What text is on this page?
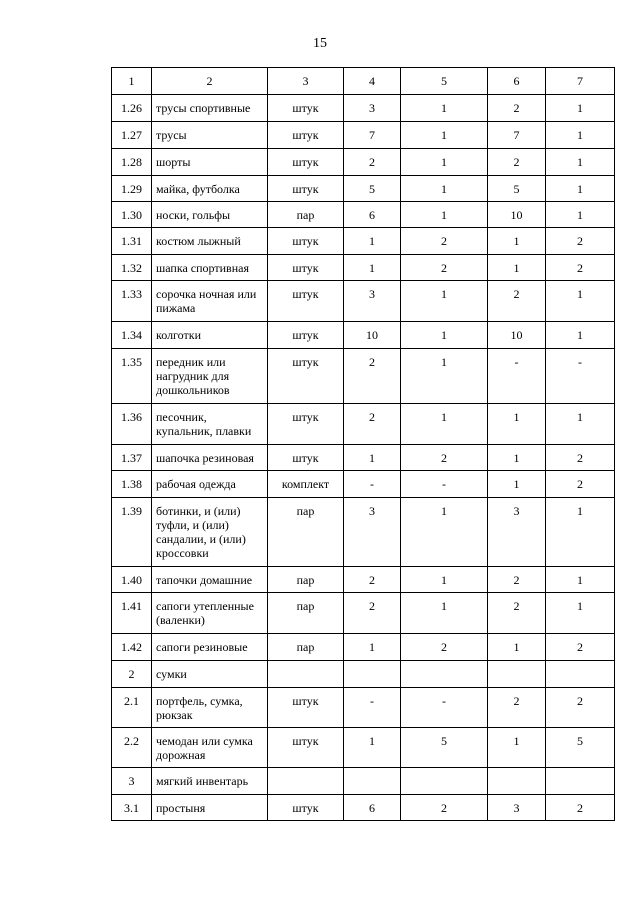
15
1	2	3	4	5	6	7
1.26	трусы спортивные	штук	3	1	2	1
1.27	трусы	штук	7	1	7	1
1.28	шорты	штук	2	1	2	1
1.29	майка, футболка	штук	5	1	5	1
1.30	носки, гольфы	пар	6	1	10	1
1.31	костюм лыжный	штук	1	2	1	2
1.32	шапка спортивная	штук	1	2	1	2
1.33	сорочка ночная или пижама	штук	3	1	2	1
1.34	колготки	штук	10	1	10	1
1.35	передник или нагрудник для дошкольников	штук	2	1	-	-
1.36	песочник, купальник, плавки	штук	2	1	1	1
1.37	шапочка резиновая	штук	1	2	1	2
1.38	рабочая одежда	комплект	-	-	1	2
1.39	ботинки, и (или) туфли, и (или) сандалии, и (или) кроссовки	пар	3	1	3	1
1.40	тапочки домашние	пар	2	1	2	1
1.41	сапоги утепленные (валенки)	пар	2	1	2	1
1.42	сапоги резиновые	пар	1	2	1	2
2	сумки					
2.1	портфель, сумка, рюкзак	штук	-	-	2	2
2.2	чемодан или сумка дорожная	штук	1	5	1	5
3	мягкий инвентарь					
3.1	простыня	штук	6	2	3	2
